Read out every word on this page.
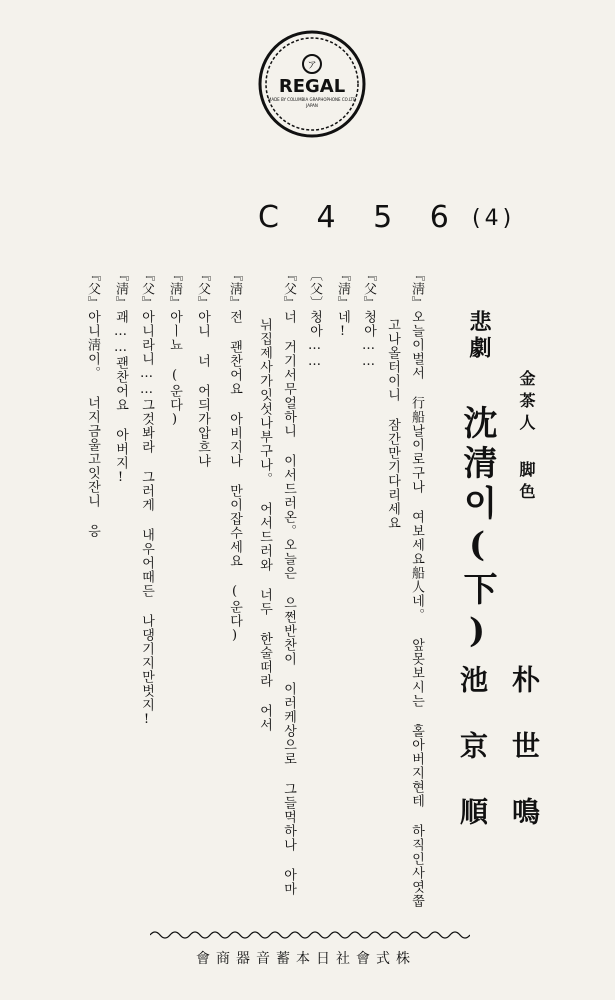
ア
REGAL
MADE BY COLUMBIA GRAPHOPHONE CO.LTD
JAPAN
C 4 5 6 (4)
金茶人 脚色
悲劇
沈清이(下)
朴世鳴
池京順
『淸』오늘이벌서 行船날이로구나 여보세요船人네。 앞못보시는 홀아버지현테 하직인사엿쭙
고나올터이니 잠간만기다리세요
『父』청아……
『淸』네!
〔父〕청아……
『父』너 거기서무얼하니 이서드러온。오늘은 으쩐반찬이 이러케상으로 그들먹하나 아마
뉘집제사가잇섯나부구나。 어서드러와 너두 한술떠라 어서
『淸』전 괜찬어요 아비지나 만이잡수세요 (운다)
『父』아니 너 어듸가압흐냐
『淸』아ㅣ뇨 (운다)
『父』아니라니……그것봐라 그러게 내우어때든 나댕기지만벗지!
『淸』괘……괜찬어요 아버지!
『父』아니淸이。 너지금울고잇잔니 응
株式會社日本蓄音器商會
